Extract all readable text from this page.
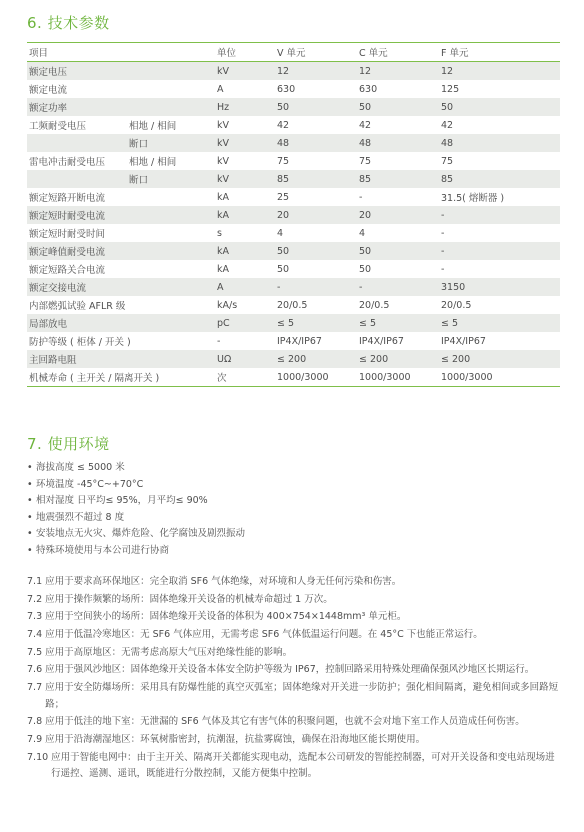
6. 技术参数
项目		单位	V 单元	C 单元	F 单元
额定电压		kV	12	12	12
额定电流		A	630	630	125
额定功率		Hz	50	50	50
工频耐受电压	相地 / 相间	kV	42	42	42
	断口	kV	48	48	48
雷电冲击耐受电压	相地 / 相间	kV	75	75	75
	断口	kV	85	85	85
额定短路开断电流		kA	25	-	31.5( 熔断器 )
额定短时耐受电流		kA	20	20	-
额定短时耐受时间		s	4	4	-
额定峰值耐受电流		kA	50	50	-
额定短路关合电流		kA	50	50	-
额定交接电流		A	-	-	3150
内部燃弧试验 AFLR 级		kA/s	20/0.5	20/0.5	20/0.5
局部放电		pC	≤ 5	≤ 5	≤ 5
防护等级 ( 柜体 / 开关 )		-	IP4X/IP67	IP4X/IP67	IP4X/IP67
主回路电阻		UΩ	≤ 200	≤ 200	≤ 200
机械寿命 ( 主开关 / 隔离开关 )		次	1000/3000	1000/3000	1000/3000
7. 使用环境
• 海拔高度 ≤ 5000 米
• 环境温度 -45°C~+70°C
• 相对湿度 日平均≤ 95%，月平均≤ 90%
• 地震强烈不超过 8 度
• 安装地点无火灾、爆炸危险、化学腐蚀及剧烈振动
• 特殊环境使用与本公司进行协商
7.1 应用于要求高环保地区：完全取消 SF6 气体绝缘，对环境和人身无任何污染和伤害。
7.2 应用于操作频繁的场所：固体绝缘开关设备的机械寿命超过 1 万次。
7.3 应用于空间狭小的场所：固体绝缘开关设备的体积为 400×754×1448mm³ 单元柜。
7.4 应用于低温冷寒地区：无 SF6 气体应用，无需考虑 SF6 气体低温运行问题。在 45°C 下也能正常运行。
7.5 应用于高原地区：无需考虑高原大气压对绝缘性能的影响。
7.6 应用于强风沙地区：固体绝缘开关设备本体安全防护等级为 IP67，控制回路采用特殊处理确保强风沙地区长期运行。
7.7 应用于安全防爆场所：采用具有防爆性能的真空灭弧室；固体绝缘对开关进一步防护；强化相间隔离，避免相间或多回路短路；
7.8 应用于低洼的地下室：无泄漏的 SF6 气体及其它有害气体的积聚问题，也就不会对地下室工作人员造成任何伤害。
7.9 应用于沿海潮湿地区：环氧树脂密封，抗潮湿，抗盐雾腐蚀，确保在沿海地区能长期使用。
7.10 应用于智能电网中：由于主开关、隔离开关都能实现电动，选配本公司研发的智能控制器，可对开关设备和变电站现场进行遥控、遥测、遥讯，既能进行分散控制，又能方便集中控制。
